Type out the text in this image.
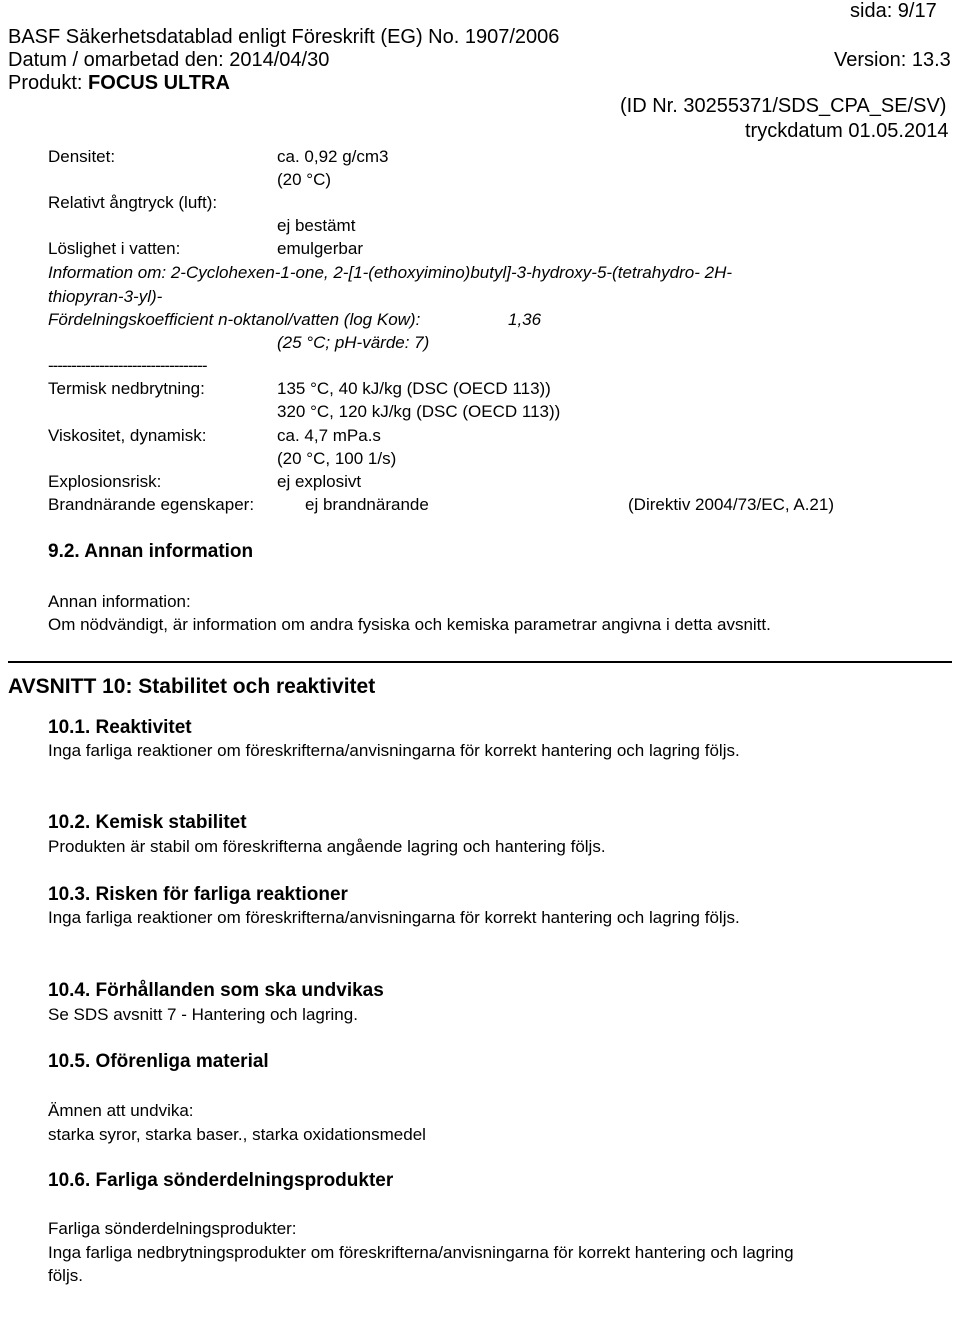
sida: 9/17
BASF Säkerhetsdatablad enligt Föreskrift (EG) No. 1907/2006
Datum / omarbetad den: 2014/04/30	Version: 13.3
Produkt: FOCUS ULTRA
(ID Nr. 30255371/SDS_CPA_SE/SV)
tryckdatum 01.05.2014
Densitet:	ca. 0,92 g/cm3
(20 °C)
Relativt ångtryck (luft):
ej bestämt
Löslighet i vatten:	emulgerbar
Information om: 2-Cyclohexen-1-one, 2-[1-(ethoxyimino)butyl]-3-hydroxy-5-(tetrahydro- 2H-
thiopyran-3-yl)-
Fördelningskoefficient n-oktanol/vatten (log Kow):	1,36
(25 °C; pH-värde: 7)
----------------------------------
Termisk nedbrytning:	135 °C, 40 kJ/kg (DSC (OECD 113))
320 °C, 120 kJ/kg (DSC (OECD 113))
Viskositet, dynamisk:	ca. 4,7 mPa.s
(20 °C, 100 1/s)
Explosionsrisk:	ej explosivt
Brandnärande egenskaper:	ej brandnärande	(Direktiv 2004/73/EC, A.21)
9.2. Annan information
Annan information:
Om nödvändigt, är information om andra fysiska och kemiska parametrar angivna i detta avsnitt.
AVSNITT 10: Stabilitet och reaktivitet
10.1. Reaktivitet
Inga farliga reaktioner om föreskrifterna/anvisningarna för korrekt hantering och lagring följs.
10.2. Kemisk stabilitet
Produkten är stabil om föreskrifterna angående lagring och hantering följs.
10.3. Risken för farliga reaktioner
Inga farliga reaktioner om föreskrifterna/anvisningarna för korrekt hantering och lagring följs.
10.4. Förhållanden som ska undvikas
Se SDS avsnitt 7 - Hantering och lagring.
10.5. Oförenliga material
Ämnen att undvika:
starka syror, starka baser., starka oxidationsmedel
10.6. Farliga sönderdelningsprodukter
Farliga sönderdelningsprodukter:
Inga farliga nedbrytningsprodukter om föreskrifterna/anvisningarna för korrekt hantering och lagring
följs.
